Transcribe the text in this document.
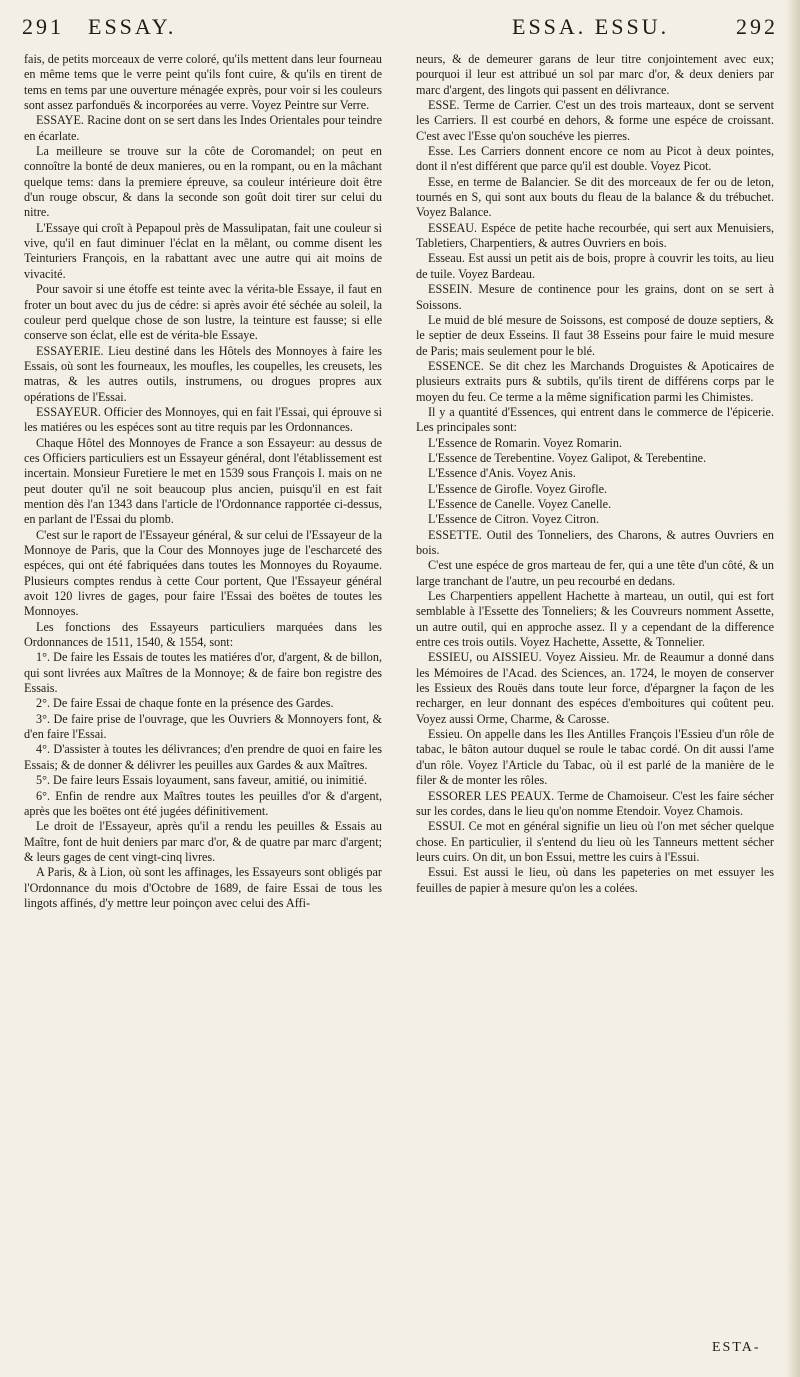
291 ESSAY.	ESSA. ESSU.	292

fais, de petits morceaux de verre coloré, qu'ils mettent dans leur fourneau en même tems que le verre peint qu'ils font cuire, & qu'ils en tirent de tems en tems par une ouverture ménagée exprès, pour voir si les couleurs sont assez parfonduës & incorporées au verre. Voyez Peintre sur Verre.

ESSAYE. Racine dont on se sert dans les Indes Orientales pour teindre en écarlate.

La meilleure se trouve sur la côte de Coromandel; on peut en connoître la bonté de deux manieres, ou en la rompant, ou en la mâchant quelque tems: dans la premiere épreuve, sa couleur intérieure doit être d'un rouge obscur, & dans la seconde son goût doit tirer sur celui du nitre.

L'Essaye qui croît à Pepapoul près de Massulipatan, fait une couleur si vive, qu'il en faut diminuer l'éclat en la mêlant, ou comme disent les Teinturiers François, en la rabattant avec une autre qui ait moins de vivacité.

Pour savoir si une étoffe est teinte avec la vérita-ble Essaye, il faut en froter un bout avec du jus de cédre: si après avoir été séchée au soleil, la couleur perd quelque chose de son lustre, la teinture est fausse; si elle conserve son éclat, elle est de vérita-ble Essaye.

ESSAYERIE. Lieu destiné dans les Hôtels des Monnoyes à faire les Essais, où sont les fourneaux, les moufles, les coupelles, les creusets, les matras, & les autres outils, instrumens, ou drogues propres aux opérations de l'Essai.

ESSAYEUR. Officier des Monnoyes, qui en fait l'Essai, qui éprouve si les matiéres ou les espéces sont au titre requis par les Ordonnances.

Chaque Hôtel des Monnoyes de France a son Essayeur: au dessus de ces Officiers particuliers est un Essayeur général, dont l'établissement est incertain. Monsieur Furetiere le met en 1539 sous François I. mais on ne peut douter qu'il ne soit beaucoup plus ancien, puisqu'il en est fait mention dès l'an 1343 dans l'article de l'Ordonnance rapportée ci-dessus, en parlant de l'Essai du plomb.

C'est sur le raport de l'Essayeur général, & sur celui de l'Essayeur de la Monnoye de Paris, que la Cour des Monnoyes juge de l'escharceté des espéces, qui ont été fabriquées dans toutes les Monnoyes du Royaume. Plusieurs comptes rendus à cette Cour portent, Que l'Essayeur général avoit 120 livres de gages, pour faire l'Essai des boëtes de toutes les Monnoyes.

Les fonctions des Essayeurs particuliers marquées dans les Ordonnances de 1511, 1540, & 1554, sont:

1°. De faire les Essais de toutes les matiéres d'or, d'argent, & de billon, qui sont livrées aux Maîtres de la Monnoye; & de faire bon registre des Essais.

2°. De faire Essai de chaque fonte en la présence des Gardes.

3°. De faire prise de l'ouvrage, que les Ouvriers & Monnoyers font, & d'en faire l'Essai.

4°. D'assister à toutes les délivrances; d'en prendre de quoi en faire les Essais; & de donner & délivrer les peuilles aux Gardes & aux Maîtres.

5°. De faire leurs Essais loyaument, sans faveur, amitié, ou inimitié.

6°. Enfin de rendre aux Maîtres toutes les peuilles d'or & d'argent, après que les boëtes ont été jugées définitivement.

Le droit de l'Essayeur, après qu'il a rendu les peuilles & Essais au Maître, font de huit deniers par marc d'or, & de quatre par marc d'argent; & leurs gages de cent vingt-cinq livres.

A Paris, & à Lion, où sont les affinages, les Essayeurs sont obligés par l'Ordonnance du mois d'Octobre de 1689, de faire Essai de tous les lingots affinés, d'y mettre leur poinçon avec celui des Affi-

neurs, & de demeurer garans de leur titre conjointement avec eux; pourquoi il leur est attribué un sol par marc d'or, & deux deniers par marc d'argent, des lingots qui passent en délivrance.

ESSE. Terme de Carrier. C'est un des trois marteaux, dont se servent les Carriers. Il est courbé en dehors, & forme une espéce de croissant. C'est avec l'Esse qu'on souchéve les pierres.

Esse. Les Carriers donnent encore ce nom au Picot à deux pointes, dont il n'est différent que parce qu'il est double. Voyez Picot.

Esse, en terme de Balancier. Se dit des morceaux de fer ou de leton, tournés en S, qui sont aux bouts du fleau de la balance & du trébuchet. Voyez Balance.

ESSEAU. Espéce de petite hache recourbée, qui sert aux Menuisiers, Tabletiers, Charpentiers, & autres Ouvriers en bois.

Esseau. Est aussi un petit ais de bois, propre à couvrir les toits, au lieu de tuile. Voyez Bardeau.

ESSEIN. Mesure de continence pour les grains, dont on se sert à Soissons.

Le muid de blé mesure de Soissons, est composé de douze septiers, & le septier de deux Esseins. Il faut 38 Esseins pour faire le muid mesure de Paris; mais seulement pour le blé.

ESSENCE. Se dit chez les Marchands Droguistes & Apoticaires de plusieurs extraits purs & subtils, qu'ils tirent de différens corps par le moyen du feu. Ce terme a la même signification parmi les Chimistes.

Il y a quantité d'Essences, qui entrent dans le commerce de l'épicerie. Les principales sont:

L'Essence de Romarin. Voyez Romarin.

L'Essence de Terebentine. Voyez Galipot, & Terebentine.

L'Essence d'Anis. Voyez Anis.

L'Essence de Girofle. Voyez Girofle.

L'Essence de Canelle. Voyez Canelle.

L'Essence de Citron. Voyez Citron.

ESSETTE. Outil des Tonneliers, des Charons, & autres Ouvriers en bois.

C'est une espéce de gros marteau de fer, qui a une tête d'un côté, & un large tranchant de l'autre, un peu recourbé en dedans.

Les Charpentiers appellent Hachette à marteau, un outil, qui est fort semblable à l'Essette des Tonneliers; & les Couvreurs nomment Assette, un autre outil, qui en approche assez. Il y a cependant de la difference entre ces trois outils. Voyez Hachette, Assette, & Tonnelier.

ESSIEU, ou AISSIEU. Voyez Aissieu. Mr. de Reaumur a donné dans les Mémoires de l'Acad. des Sciences, an. 1724, le moyen de conserver les Essieux des Rouës dans toute leur force, d'épargner la façon de les recharger, en leur donnant des espéces d'emboitures qui coûtent peu. Voyez aussi Orme, Charme, & Carosse.

Essieu. On appelle dans les Iles Antilles François l'Essieu d'un rôle de tabac, le bâton autour duquel se roule le tabac cordé. On dit aussi l'ame d'un rôle. Voyez l'Article du Tabac, où il est parlé de la manière de le filer & de monter les rôles.

ESSORER LES PEAUX. Terme de Chamoiseur. C'est les faire sécher sur les cordes, dans le lieu qu'on nomme Etendoir. Voyez Chamois.

ESSUI. Ce mot en général signifie un lieu où l'on met sécher quelque chose. En particulier, il s'entend du lieu où les Tanneurs mettent sécher leurs cuirs. On dit, un bon Essui, mettre les cuirs à l'Essui.

Essui. Est aussi le lieu, où dans les papeteries on met essuyer les feuilles de papier à mesure qu'on les a colées.

ESTA-
